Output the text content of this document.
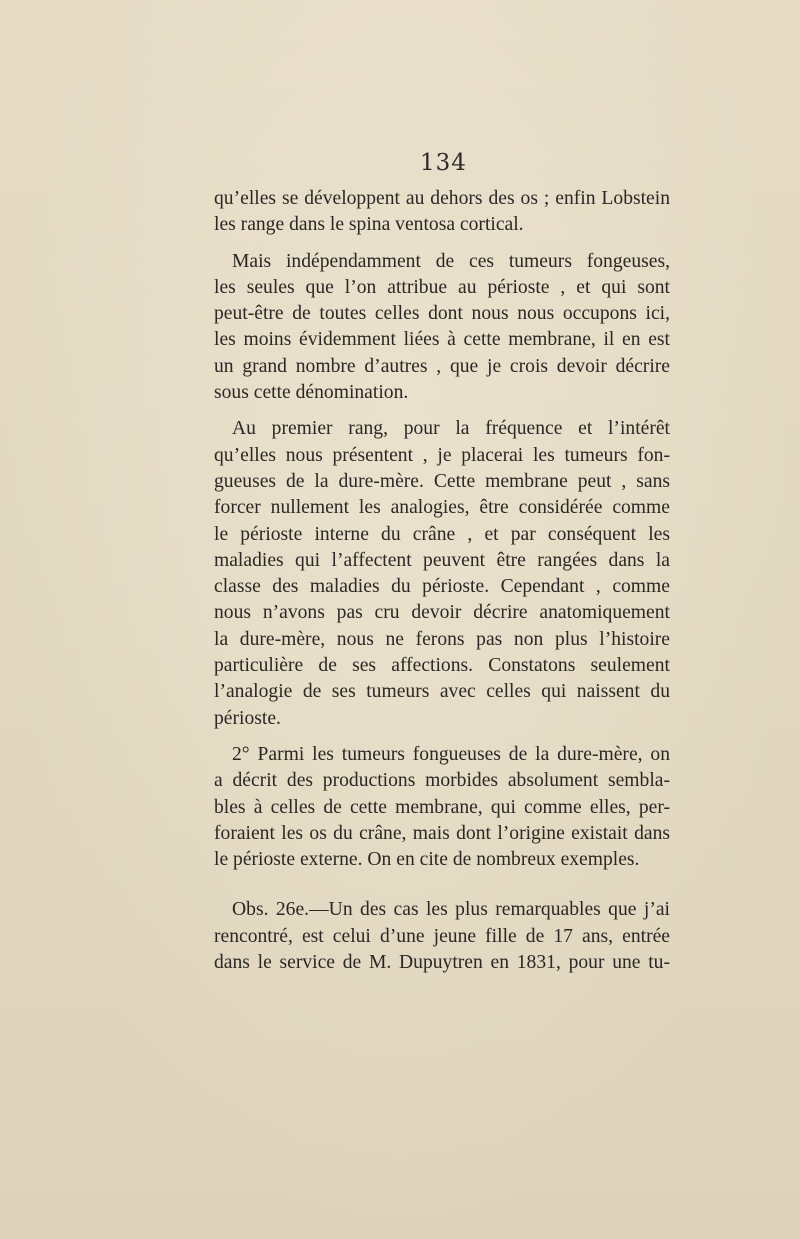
134
qu’elles se développent au dehors des os ; enfin Lobstein
les range dans le spina ventosa cortical.
Mais indépendamment de ces tumeurs fongeuses,
les seules que l’on attribue au périoste , et qui sont
peut-être de toutes celles dont nous nous occupons ici,
les moins évidemment liées à cette membrane, il en est
un grand nombre d’autres , que je crois devoir décrire
sous cette dénomination.
Au premier rang, pour la fréquence et l’intérêt
qu’elles nous présentent , je placerai les tumeurs fon-
gueuses de la dure-mère. Cette membrane peut , sans
forcer nullement les analogies, être considérée comme
le périoste interne du crâne , et par conséquent les
maladies qui l’affectent peuvent être rangées dans la
classe des maladies du périoste. Cependant , comme
nous n’avons pas cru devoir décrire anatomiquement
la dure-mère, nous ne ferons pas non plus l’histoire
particulière de ses affections. Constatons seulement
l’analogie de ses tumeurs avec celles qui naissent du
périoste.
2° Parmi les tumeurs fongueuses de la dure-mère, on
a décrit des productions morbides absolument sembla-
bles à celles de cette membrane, qui comme elles, per-
foraient les os du crâne, mais dont l’origine existait dans
le périoste externe. On en cite de nombreux exemples.
Obs. 26e.—Un des cas les plus remarquables que j’ai
rencontré, est celui d’une jeune fille de 17 ans, entrée
dans le service de M. Dupuytren en 1831, pour une tu-
